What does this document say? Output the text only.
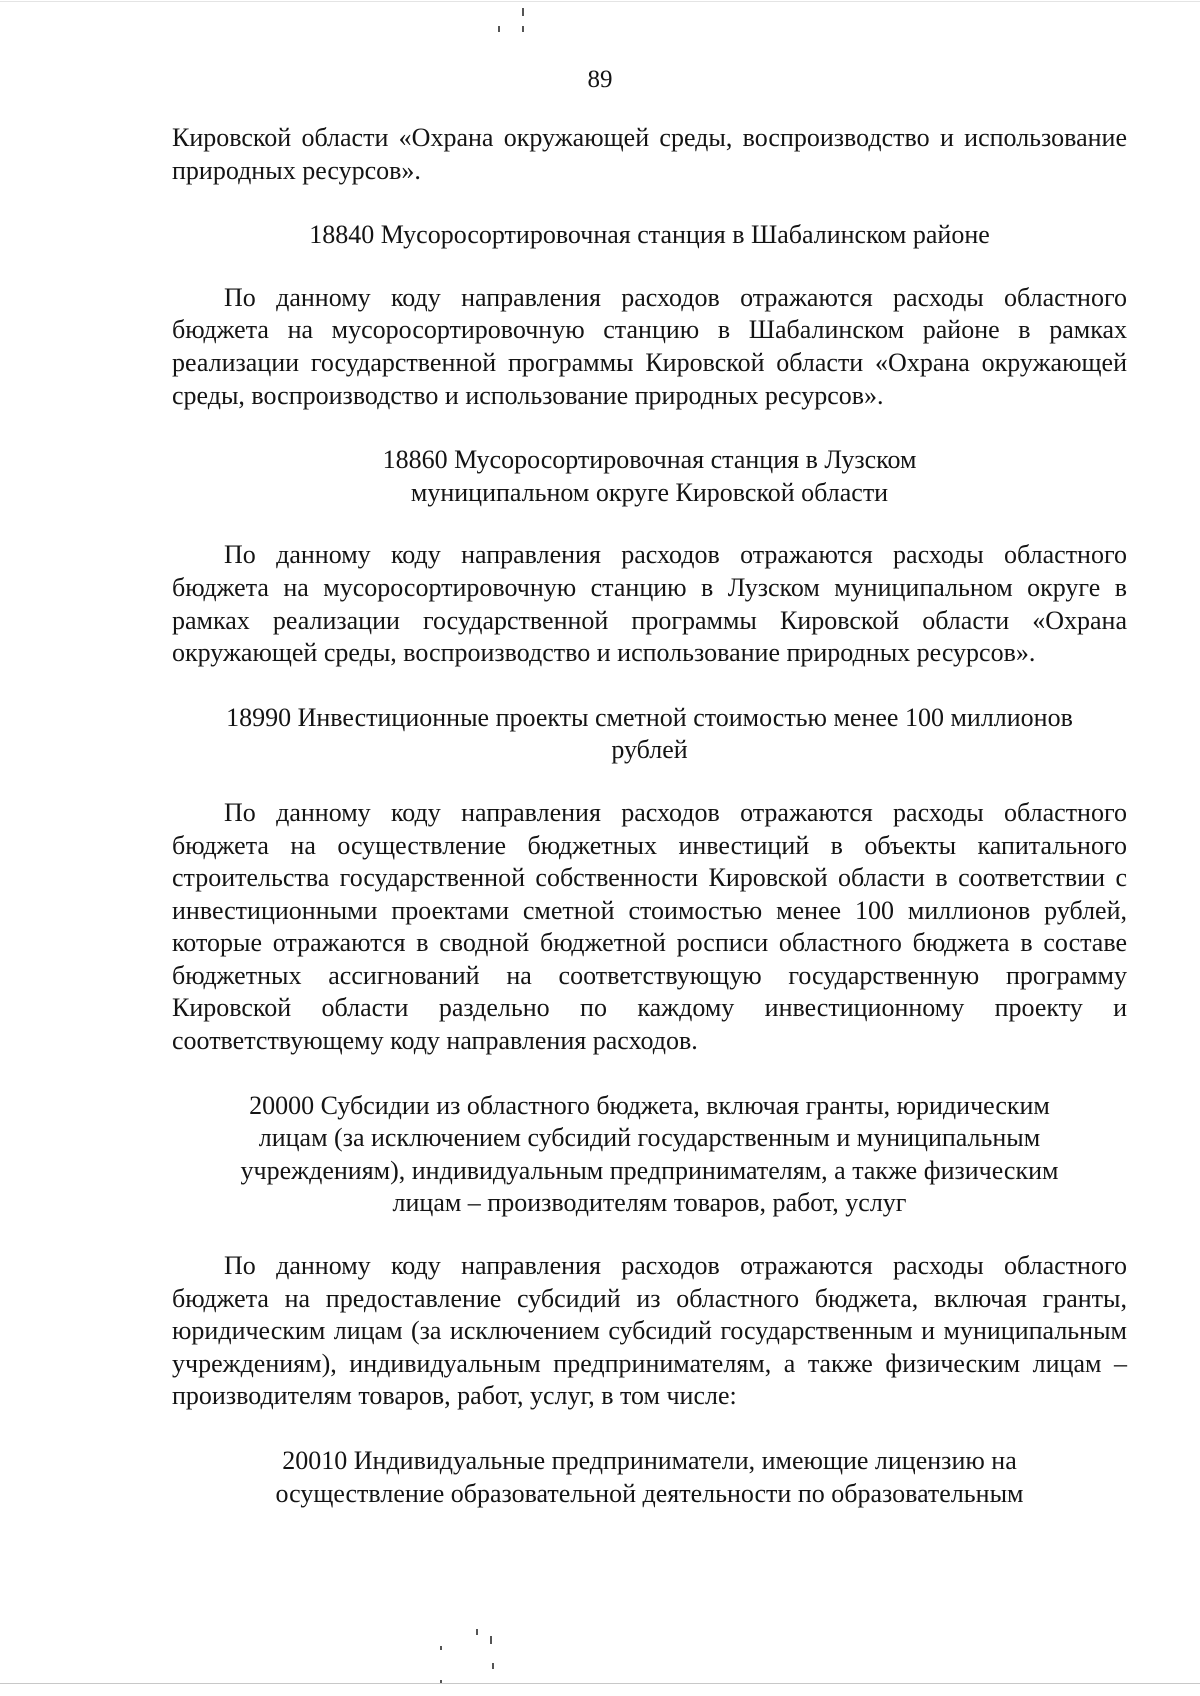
89

Кировской области «Охрана окружающей среды, воспроизводство и использование природных ресурсов».

18840 Мусоросортировочная станция в Шабалинском районе

По данному коду направления расходов отражаются расходы областного бюджета на мусоросортировочную станцию в Шабалинском районе в рамках реализации государственной программы Кировской области «Охрана окружающей среды, воспроизводство и использование природных ресурсов».

18860 Мусоросортировочная станция в Лузском
муниципальном округе Кировской области

По данному коду направления расходов отражаются расходы областного бюджета на мусоросортировочную станцию в Лузском муниципальном округе в рамках реализации государственной программы Кировской области «Охрана окружающей среды, воспроизводство и использование природных ресурсов».

18990 Инвестиционные проекты сметной стоимостью менее 100 миллионов
рублей

По данному коду направления расходов отражаются расходы областного бюджета на осуществление бюджетных инвестиций в объекты капитального строительства государственной собственности Кировской области в соответствии с инвестиционными проектами сметной стоимостью менее 100 миллионов рублей, которые отражаются в сводной бюджетной росписи областного бюджета в составе бюджетных ассигнований на соответствующую государственную программу Кировской области раздельно по каждому инвестиционному проекту и соответствующему коду направления расходов.

20000 Субсидии из областного бюджета, включая гранты, юридическим
лицам (за исключением субсидий государственным и муниципальным
учреждениям), индивидуальным предпринимателям, а также физическим
лицам – производителям товаров, работ, услуг

По данному коду направления расходов отражаются расходы областного бюджета на предоставление субсидий из областного бюджета, включая гранты, юридическим лицам (за исключением субсидий государственным и муниципальным учреждениям), индивидуальным предпринимателям, а также физическим лицам – производителям товаров, работ, услуг, в том числе:

20010 Индивидуальные предприниматели, имеющие лицензию на
осуществление образовательной деятельности по образовательным
